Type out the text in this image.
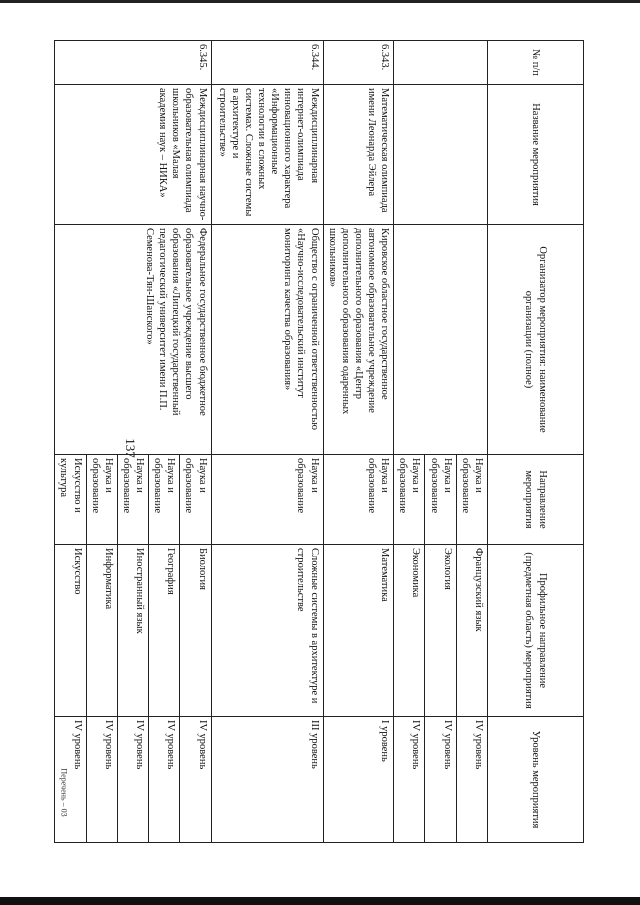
137
Перечень – 03
№ п/п	Название мероприятия	Организатор мероприятия: наименование организации (полное)	Направление мероприятия	Профильное направление (предметная область) мероприятия	Уровень мероприятия
			Наука и образование	Французский язык	IV уровень
			Наука и образование	Экология	IV уровень
			Наука и образование	Экономика	IV уровень
6.343.	Математическая олимпиада имени Леонарда Эйлера	Кировское областное государственное автономное образовательное учреждение дополнительного образования «Центр дополнительного образования одаренных школьников»	Наука и образование	Математика	I уровень
6.344.	Междисциплинарная интернет-олимпиада инновационного характера «Информационные технологии в сложных системах. Сложные системы в архитектуре и строительстве»	Общество с ограниченной ответственностью «Научно-исследовательский институт мониторинга качества образования»	Наука и образование	Сложные системы в архитектуре и строительстве	III уровень
6.345.	Междисциплинарная научно-образовательная олимпиада школьников «Малая академия наук – НИКА»	Федеральное государственное бюджетное образовательное учреждение высшего образования «Липецкий государственный педагогический университет имени П.П. Семенова-Тян-Шанского»	Наука и образование	Биология	IV уровень
			Наука и образование	География	IV уровень
			Наука и образование	Иностранный язык	IV уровень
			Наука и образование	Информатика	IV уровень
			Искусство и культура	Искусство	IV уровень
